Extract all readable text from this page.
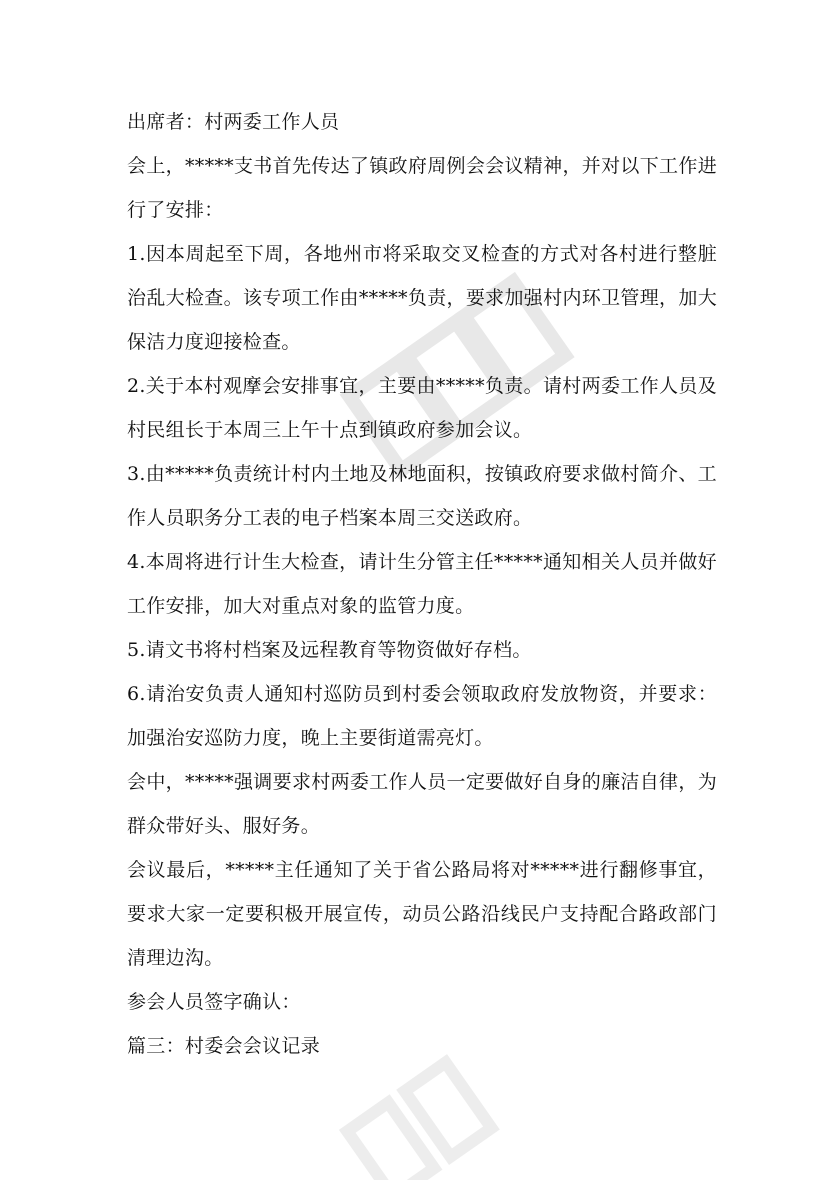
出席者：村两委工作人员

会上，*****支书首先传达了镇政府周例会会议精神，并对以下工作进行了安排：

1.因本周起至下周，各地州市将采取交叉检查的方式对各村进行整脏治乱大检查。该专项工作由*****负责，要求加强村内环卫管理，加大保洁力度迎接检查。

2.关于本村观摩会安排事宜，主要由*****负责。请村两委工作人员及村民组长于本周三上午十点到镇政府参加会议。

3.由*****负责统计村内土地及林地面积，按镇政府要求做村简介、工作人员职务分工表的电子档案本周三交送政府。

4.本周将进行计生大检查，请计生分管主任*****通知相关人员并做好工作安排，加大对重点对象的监管力度。

5.请文书将村档案及远程教育等物资做好存档。

6.请治安负责人通知村巡防员到村委会领取政府发放物资，并要求：加强治安巡防力度，晚上主要街道需亮灯。

会中，*****强调要求村两委工作人员一定要做好自身的廉洁自律，为群众带好头、服好务。

会议最后，*****主任通知了关于省公路局将对*****进行翻修事宜，要求大家一定要积极开展宣传，动员公路沿线民户支持配合路政部门清理边沟。

参会人员签字确认：

篇三：村委会会议记录
